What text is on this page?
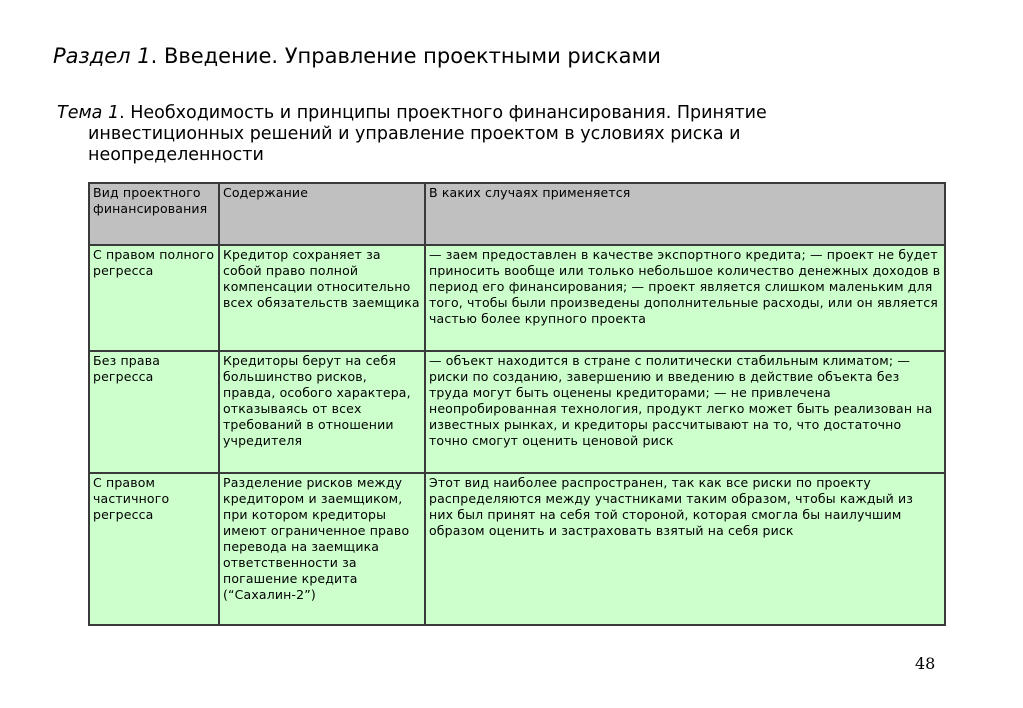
Раздел 1. Введение. Управление проектными рисками
Тема 1. Необходимость и принципы проектного финансирования. Принятие
инвестиционных решений и управление проектом в условиях риска и
неопределенности
Вид проектного финансирования	Содержание	В каких случаях применяется

С правом полного регресса	Кредитор сохраняет за собой право полной компенсации относительно всех обязательств заемщика	— заем предоставлен в качестве экспортного кредита; — проект не будет приносить вообще или только небольшое количество денежных доходов в период его финансирования; — проект является слишком маленьким для того, чтобы были произведены дополнительные расходы, или он является частью более крупного проекта

Без права регресса	Кредиторы берут на себя большинство рисков, правда, особого характера, отказываясь от всех требований в отношении учредителя	— объект находится в стране с политически стабильным климатом; — риски по созданию, завершению и введению в действие объекта без труда могут быть оценены кредиторами; — не привлечена неопробированная технология, продукт легко может быть реализован на известных рынках, и кредиторы рассчитывают на то, что достаточно точно смогут оценить ценовой риск

С правом частичного регресса	Разделение рисков между кредитором и заемщиком, при котором кредиторы имеют ограниченное право перевода на заемщика ответственности за погашение кредита (“Сахалин-2”)	Этот вид наиболее распространен, так как все риски по проекту распределяются между участниками таким образом, чтобы каждый из них был принят на себя той стороной, которая смогла бы наилучшим образом оценить и застраховать взятый на себя риск
48
